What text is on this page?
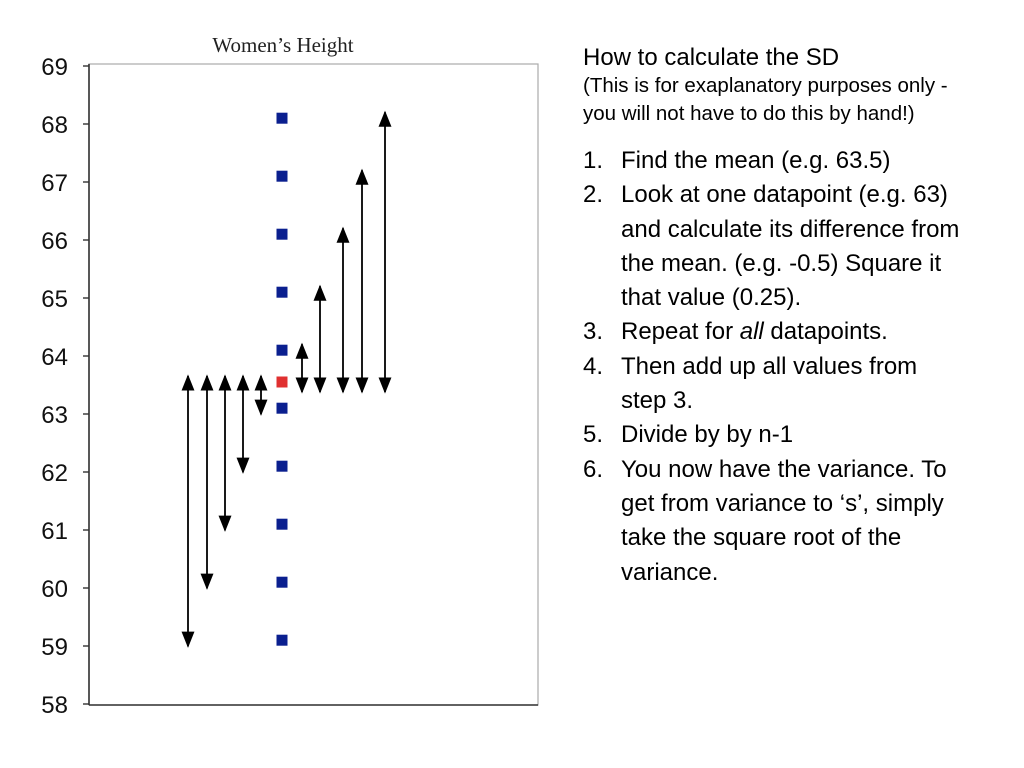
Women’s Height
69
68
67
66
65
64
63
62
61
60
59
58
How to calculate the SD
(This is for exaplanatory purposes only - you will not have to do this by hand!)
1. Find the mean (e.g. 63.5)
2. Look at one datapoint (e.g. 63) and calculate its difference from the mean. (e.g. -0.5) Square it that value (0.25).
3. Repeat for all datapoints.
4. Then add up all values from step 3.
5. Divide by by n-1
6. You now have the variance. To get from variance to ‘s’, simply take the square root of the variance.
